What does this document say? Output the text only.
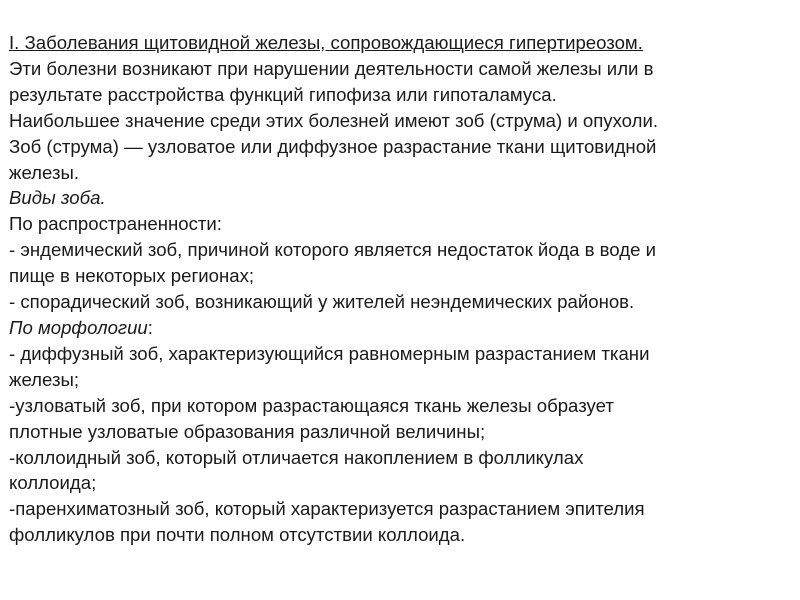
I. Заболевания щитовидной железы, сопровождающиеся гипертиреозом.
Эти болезни возникают при нарушении деятельности самой железы или в
результате расстройства функций гипофиза или гипоталамуса.
Наибольшее значение среди этих болезней имеют зоб (струма) и опухоли.
Зоб (струма) — узловатое или диффузное разрастание ткани щитовидной
железы.
Виды зоба.
По распространенности:
- эндемический зоб, причиной которого является недостаток йода в воде и
пище в некоторых регионах;
- спорадический зоб, возникающий у жителей неэндемических районов.
По морфологии:
- диффузный зоб, характеризующийся равномерным разрастанием ткани
железы;
-узловатый зоб, при котором разрастающаяся ткань железы образует
плотные узловатые образования различной величины;
-коллоидный зоб, который отличается накоплением в фолликулах
коллоида;
-паренхиматозный зоб, который характеризуется разрастанием эпителия
фолликулов при почти полном отсутствии коллоида.
